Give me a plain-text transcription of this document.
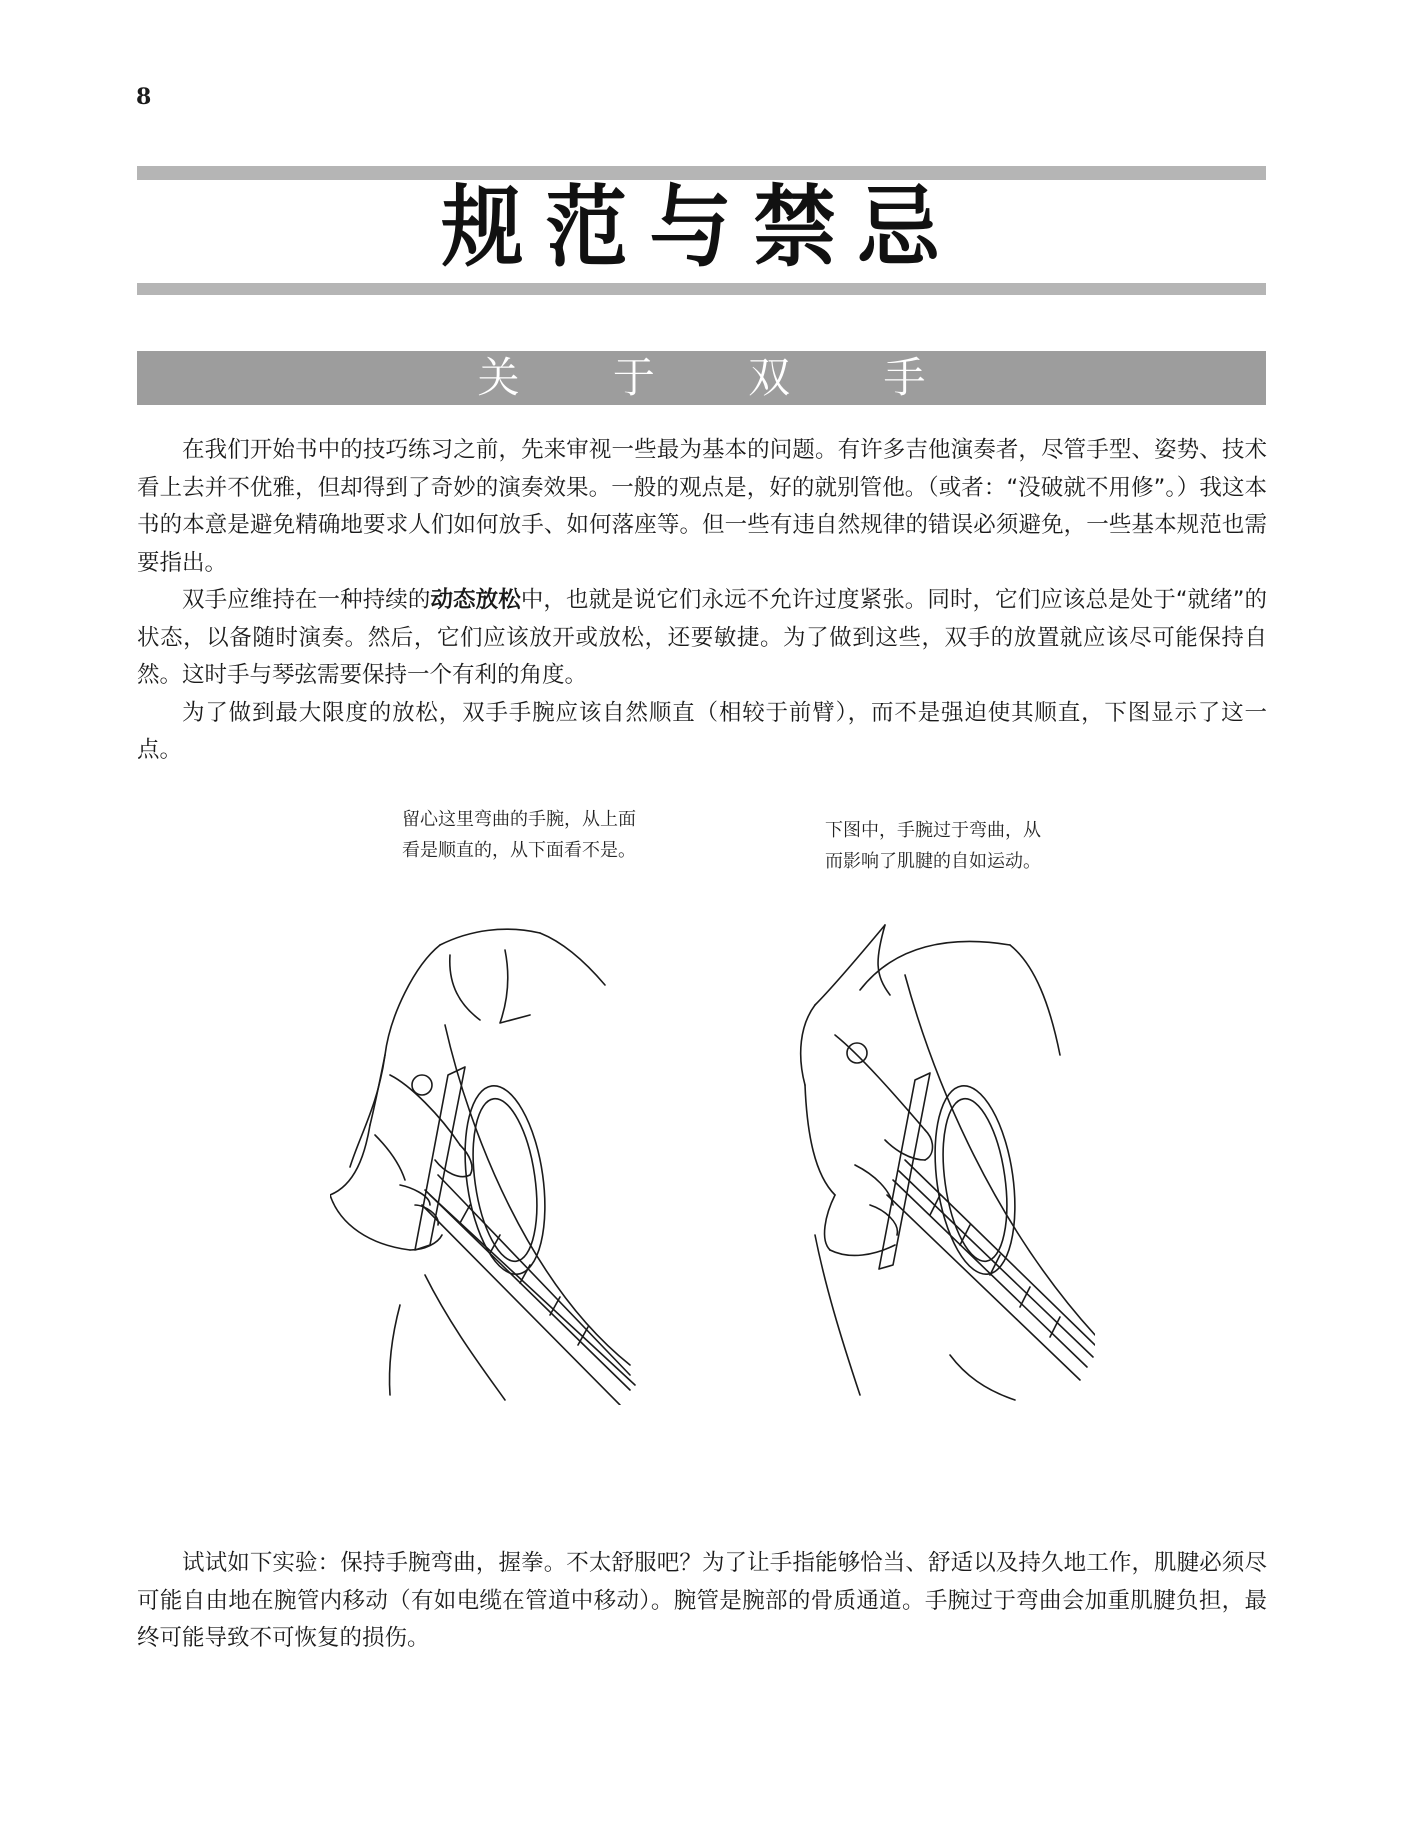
8
规范与禁忌
关 于 双 手

在我们开始书中的技巧练习之前，先来审视一些最为基本的问题。有许多吉他演奏者，尽管手型、姿势、技术看上去并不优雅，但却得到了奇妙的演奏效果。一般的观点是，好的就别管他。（或者：“没破就不用修”。）我这本书的本意是避免精确地要求人们如何放手、如何落座等。但一些有违自然规律的错误必须避免，一些基本规范也需要指出。

双手应维持在一种持续的动态放松中，也就是说它们永远不允许过度紧张。同时，它们应该总是处于“就绪”的状态，以备随时演奏。然后，它们应该放开或放松，还要敏捷。为了做到这些，双手的放置就应该尽可能保持自然。这时手与琴弦需要保持一个有利的角度。

为了做到最大限度的放松，双手手腕应该自然顺直（相较于前臂），而不是强迫使其顺直，下图显示了这一点。

留心这里弯曲的手腕，从上面
看是顺直的，从下面看不是。
下图中，手腕过于弯曲，从
而影响了肌腱的自如运动。

试试如下实验：保持手腕弯曲，握拳。不太舒服吧？为了让手指能够恰当、舒适以及持久地工作，肌腱必须尽可能自由地在腕管内移动（有如电缆在管道中移动）。腕管是腕部的骨质通道。手腕过于弯曲会加重肌腱负担，最终可能导致不可恢复的损伤。
